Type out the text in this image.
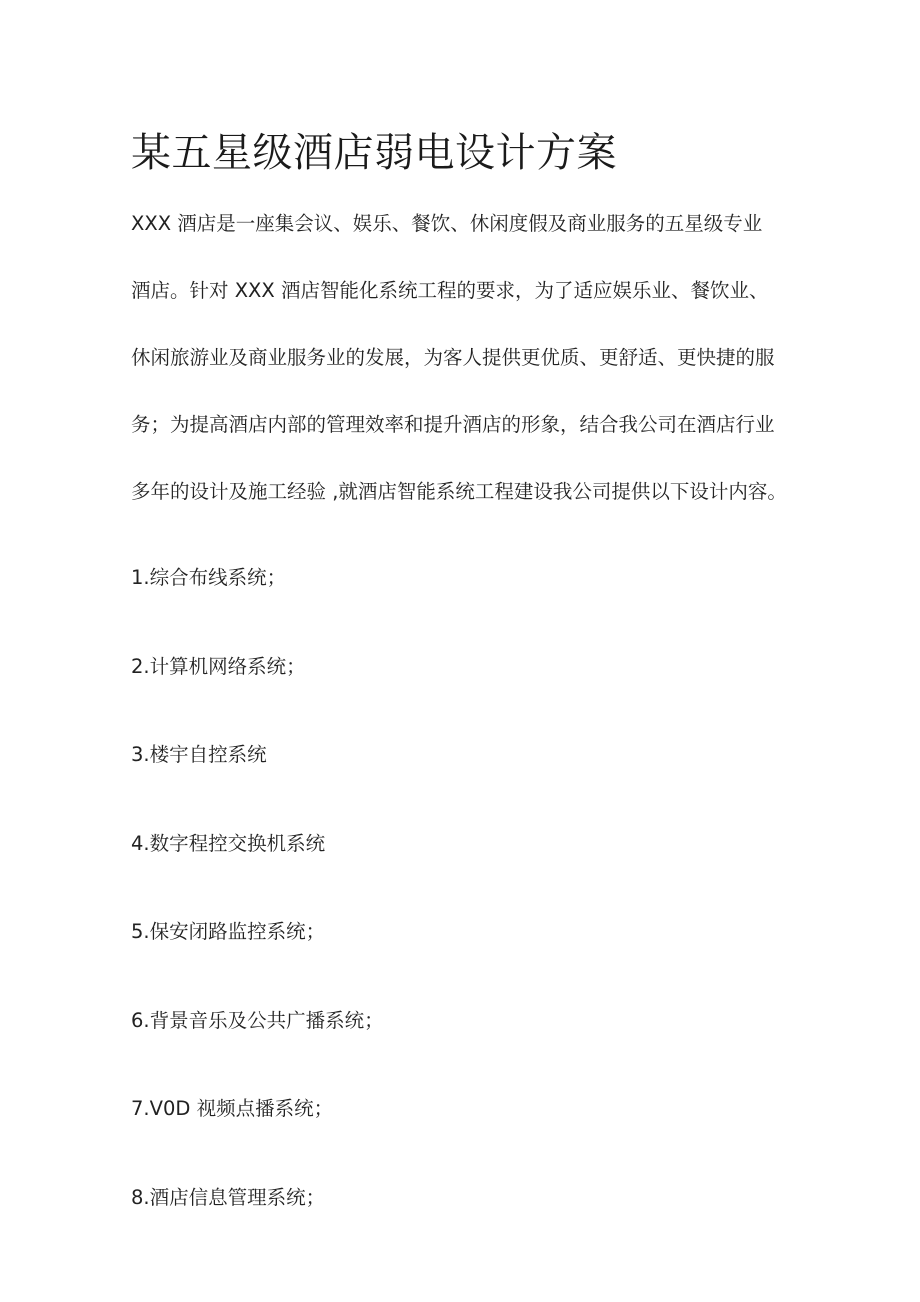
某五星级酒店弱电设计方案
XXX 酒店是一座集会议、娱乐、餐饮、休闲度假及商业服务的五星级专业
酒店。针对 XXX 酒店智能化系统工程的要求，为了适应娱乐业、餐饮业、
休闲旅游业及商业服务业的发展，为客人提供更优质、更舒适、更快捷的服
务；为提高酒店内部的管理效率和提升酒店的形象，结合我公司在酒店行业
多年的设计及施工经验 ,就酒店智能系统工程建设我公司提供以下设计内容。
1.综合布线系统；
2.计算机网络系统；
3.楼宇自控系统
4.数字程控交换机系统
5.保安闭路监控系统；
6.背景音乐及公共广播系统；
7.V0D 视频点播系统；
8.酒店信息管理系统；
